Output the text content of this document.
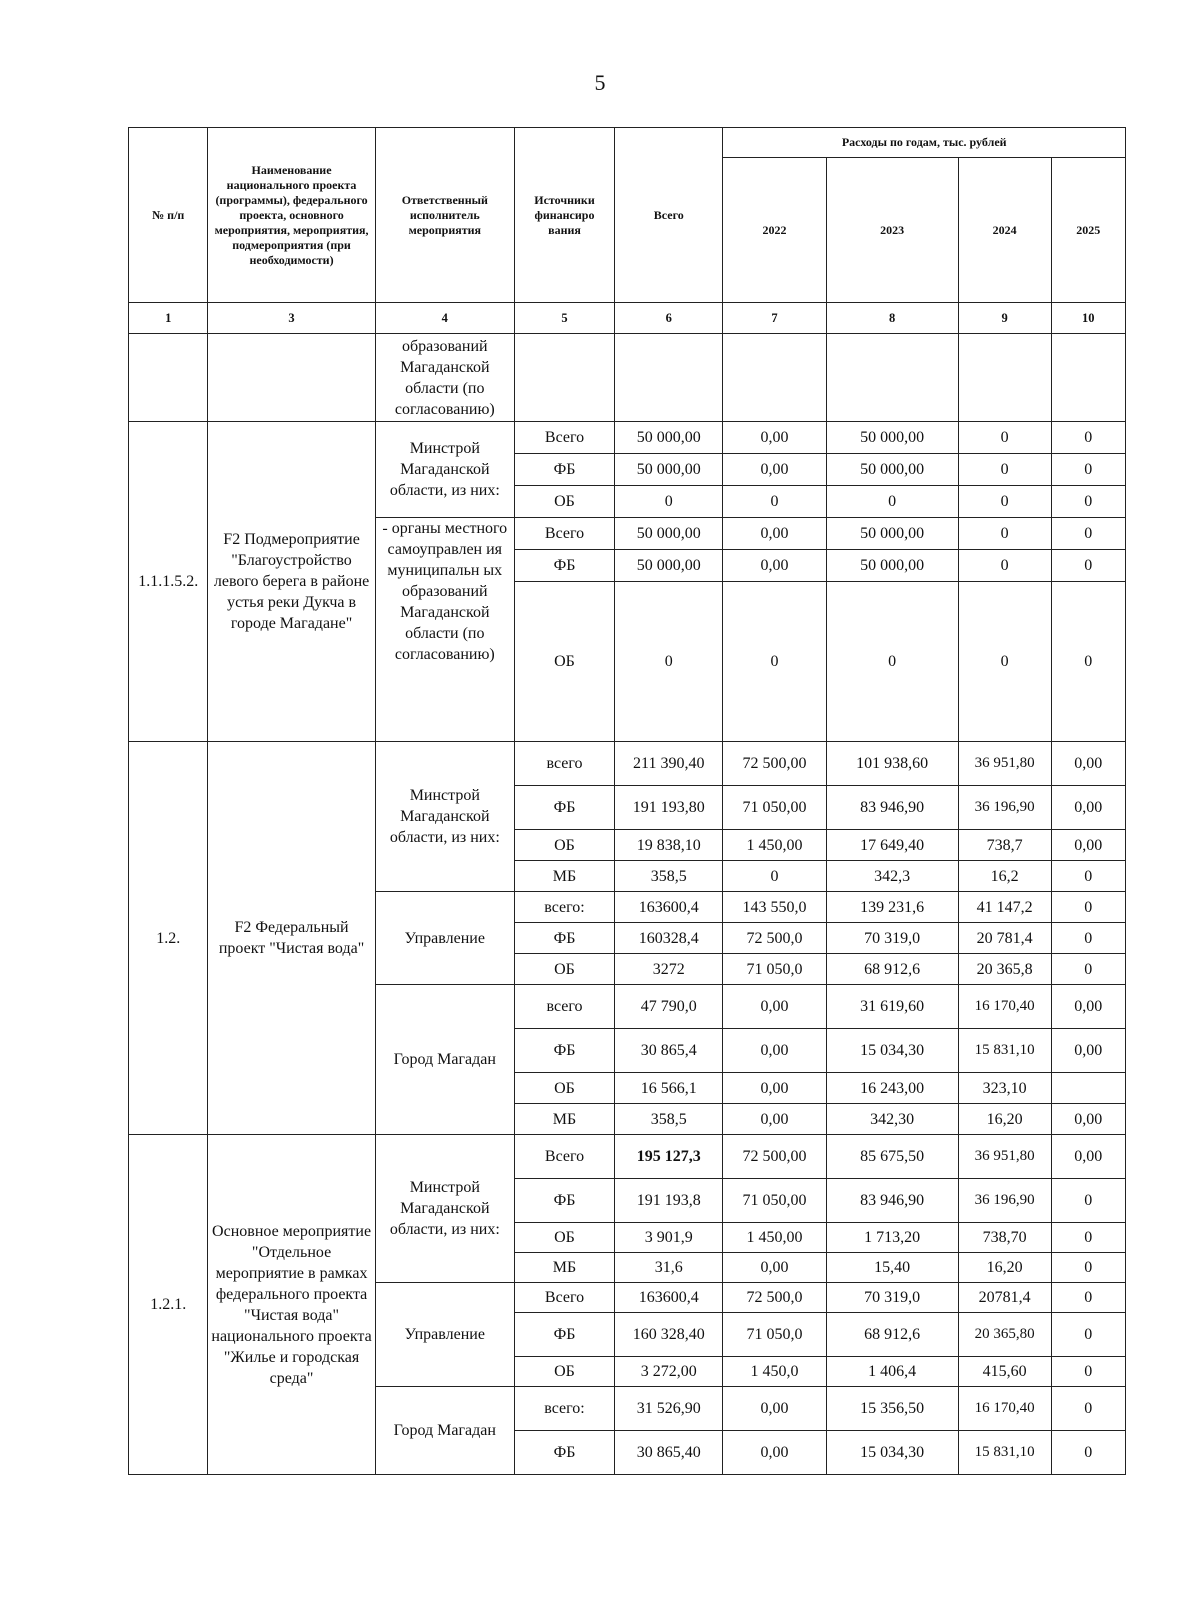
5
№ п/п	Наименование национального проекта (программы), федерального проекта, основного мероприятия, мероприятия, подмероприятия (при необходимости)	Ответственный исполнитель мероприятия	Источники финансиро вания	Всего	Расходы по годам, тыс. рублей			
					2022	2023	2024	2025
1	3	4	5	6	7	8	9	10
		образований Магаданской области (по согласованию)						
1.1.1.5.2.	F2 Подмероприятие "Благоустройство левого берега в районе устья реки Дукча в городе Магадане"	Минстрой Магаданской области, из них:	Всего	50 000,00	0,00	50 000,00	0	0
			ФБ	50 000,00	0,00	50 000,00	0	0
			ОБ	0	0	0	0	0
		- органы местного самоуправлен ия муниципальн ых образований Магаданской области (по согласованию)	Всего	50 000,00	0,00	50 000,00	0	0
			ФБ	50 000,00	0,00	50 000,00	0	0
			ОБ	0	0	0	0	0
1.2.	F2 Федеральный проект "Чистая вода"	Минстрой Магаданской области, из них:	всего	211 390,40	72 500,00	101 938,60	36 951,80	0,00
			ФБ	191 193,80	71 050,00	83 946,90	36 196,90	0,00
			ОБ	19 838,10	1 450,00	17 649,40	738,7	0,00
			МБ	358,5	0	342,3	16,2	0
		Управление	всего:	163600,4	143 550,0	139 231,6	41 147,2	0
			ФБ	160328,4	72 500,0	70 319,0	20 781,4	0
			ОБ	3272	71 050,0	68 912,6	20 365,8	0
		Город Магадан	всего	47 790,0	0,00	31 619,60	16 170,40	0,00
			ФБ	30 865,4	0,00	15 034,30	15 831,10	0,00
			ОБ	16 566,1	0,00	16 243,00	323,10	
			МБ	358,5	0,00	342,30	16,20	0,00
1.2.1.	Основное мероприятие "Отдельное мероприятие в рамках федерального проекта "Чистая вода" национального проекта "Жилье и городская среда"	Минстрой Магаданской области, из них:	Всего	195 127,3	72 500,00	85 675,50	36 951,80	0,00
			ФБ	191 193,8	71 050,00	83 946,90	36 196,90	0
			ОБ	3 901,9	1 450,00	1 713,20	738,70	0
			МБ	31,6	0,00	15,40	16,20	0
		Управление	Всего	163600,4	72 500,0	70 319,0	20781,4	0
			ФБ	160 328,40	71 050,0	68 912,6	20 365,80	0
			ОБ	3 272,00	1 450,0	1 406,4	415,60	0
		Город Магадан	всего:	31 526,90	0,00	15 356,50	16 170,40	0
			ФБ	30 865,40	0,00	15 034,30	15 831,10	0
